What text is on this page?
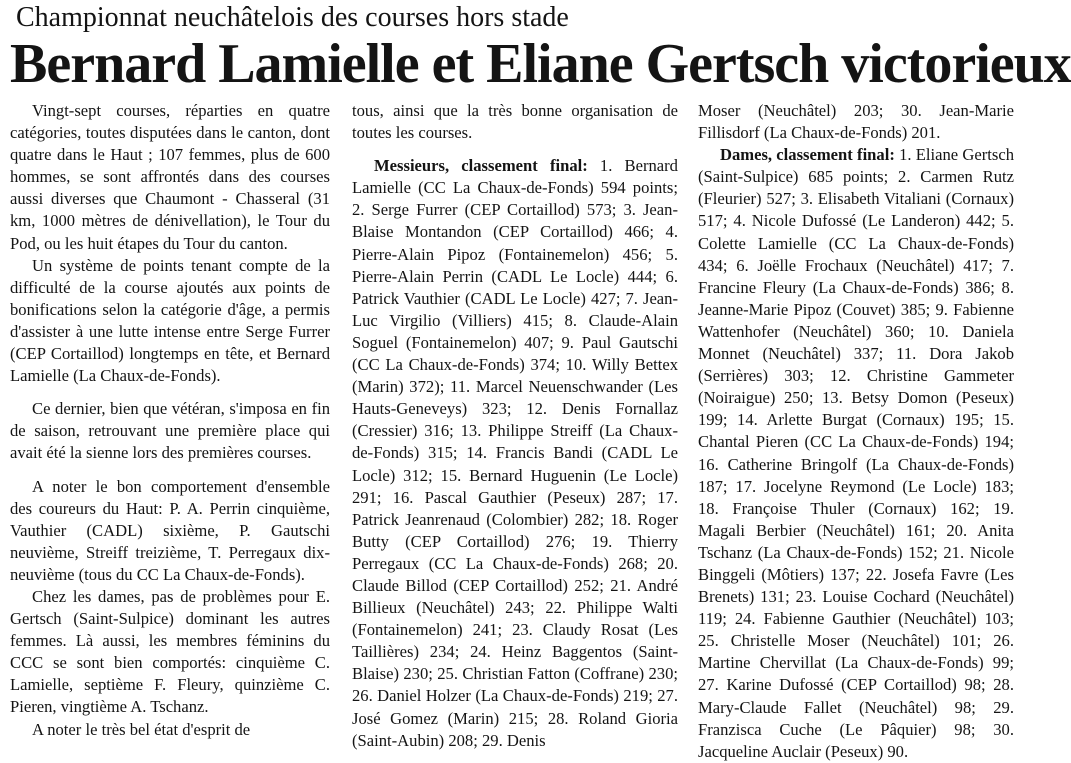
Championnat neuchâtelois des courses hors stade
Bernard Lamielle et Eliane Gertsch victorieux

Vingt-sept courses, réparties en quatre catégories, toutes disputées dans le canton, dont quatre dans le Haut ; 107 femmes, plus de 600 hommes, se sont affrontés dans des courses aussi diverses que Chaumont - Chasseral (31 km, 1000 mètres de dénivellation), le Tour du Pod, ou les huit étapes du Tour du canton.

Un système de points tenant compte de la difficulté de la course ajoutés aux points de bonifications selon la catégorie d'âge, a permis d'assister à une lutte intense entre Serge Furrer (CEP Cortaillod) longtemps en tête, et Bernard Lamielle (La Chaux-de-Fonds).

Ce dernier, bien que vétéran, s'imposa en fin de saison, retrouvant une première place qui avait été la sienne lors des premières courses.

A noter le bon comportement d'ensemble des coureurs du Haut: P. A. Perrin cinquième, Vauthier (CADL) sixième, P. Gautschi neuvième, Streiff treizième, T. Perregaux dix-neuvième (tous du CC La Chaux-de-Fonds).

Chez les dames, pas de problèmes pour E. Gertsch (Saint-Sulpice) dominant les autres femmes. Là aussi, les membres féminins du CCC se sont bien comportés: cinquième C. Lamielle, septième F. Fleury, quinzième C. Pieren, vingtième A. Tschanz.

A noter le très bel état d'esprit de

tous, ainsi que la très bonne organisation de toutes les courses.

Messieurs, classement final: 1. Bernard Lamielle (CC La Chaux-de-Fonds) 594 points; 2. Serge Furrer (CEP Cortaillod) 573; 3. Jean-Blaise Montandon (CEP Cortaillod) 466; 4. Pierre-Alain Pipoz (Fontainemelon) 456; 5. Pierre-Alain Perrin (CADL Le Locle) 444; 6. Patrick Vauthier (CADL Le Locle) 427; 7. Jean-Luc Virgilio (Villiers) 415; 8. Claude-Alain Soguel (Fontainemelon) 407; 9. Paul Gautschi (CC La Chaux-de-Fonds) 374; 10. Willy Bettex (Marin) 372); 11. Marcel Neuenschwander (Les Hauts-Geneveys) 323; 12. Denis Fornallaz (Cressier) 316; 13. Philippe Streiff (La Chaux-de-Fonds) 315; 14. Francis Bandi (CADL Le Locle) 312; 15. Bernard Huguenin (Le Locle) 291; 16. Pascal Gauthier (Peseux) 287; 17. Patrick Jeanrenaud (Colombier) 282; 18. Roger Butty (CEP Cortaillod) 276; 19. Thierry Perregaux (CC La Chaux-de-Fonds) 268; 20. Claude Billod (CEP Cortaillod) 252; 21. André Billieux (Neuchâtel) 243; 22. Philippe Walti (Fontainemelon) 241; 23. Claudy Rosat (Les Taillières) 234; 24. Heinz Baggentos (Saint-Blaise) 230; 25. Christian Fatton (Coffrane) 230; 26. Daniel Holzer (La Chaux-de-Fonds) 219; 27. José Gomez (Marin) 215; 28. Roland Gioria (Saint-Aubin) 208; 29. Denis

Moser (Neuchâtel) 203; 30. Jean-Marie Fillisdorf (La Chaux-de-Fonds) 201.

Dames, classement final: 1. Eliane Gertsch (Saint-Sulpice) 685 points; 2. Carmen Rutz (Fleurier) 527; 3. Elisabeth Vitaliani (Cornaux) 517; 4. Nicole Dufossé (Le Landeron) 442; 5. Colette Lamielle (CC La Chaux-de-Fonds) 434; 6. Joëlle Frochaux (Neuchâtel) 417; 7. Francine Fleury (La Chaux-de-Fonds) 386; 8. Jeanne-Marie Pipoz (Couvet) 385; 9. Fabienne Wattenhofer (Neuchâtel) 360; 10. Daniela Monnet (Neuchâtel) 337; 11. Dora Jakob (Serrières) 303; 12. Christine Gammeter (Noiraigue) 250; 13. Betsy Domon (Peseux) 199; 14. Arlette Burgat (Cornaux) 195; 15. Chantal Pieren (CC La Chaux-de-Fonds) 194; 16. Catherine Bringolf (La Chaux-de-Fonds) 187; 17. Jocelyne Reymond (Le Locle) 183; 18. Françoise Thuler (Cornaux) 162; 19. Magali Berbier (Neuchâtel) 161; 20. Anita Tschanz (La Chaux-de-Fonds) 152; 21. Nicole Binggeli (Môtiers) 137; 22. Josefa Favre (Les Brenets) 131; 23. Louise Cochard (Neuchâtel) 119; 24. Fabienne Gauthier (Neuchâtel) 103; 25. Christelle Moser (Neuchâtel) 101; 26. Martine Chervillat (La Chaux-de-Fonds) 99; 27. Karine Dufossé (CEP Cortaillod) 98; 28. Mary-Claude Fallet (Neuchâtel) 98; 29. Franzisca Cuche (Le Pâquier) 98; 30. Jacqueline Auclair (Peseux) 90.
